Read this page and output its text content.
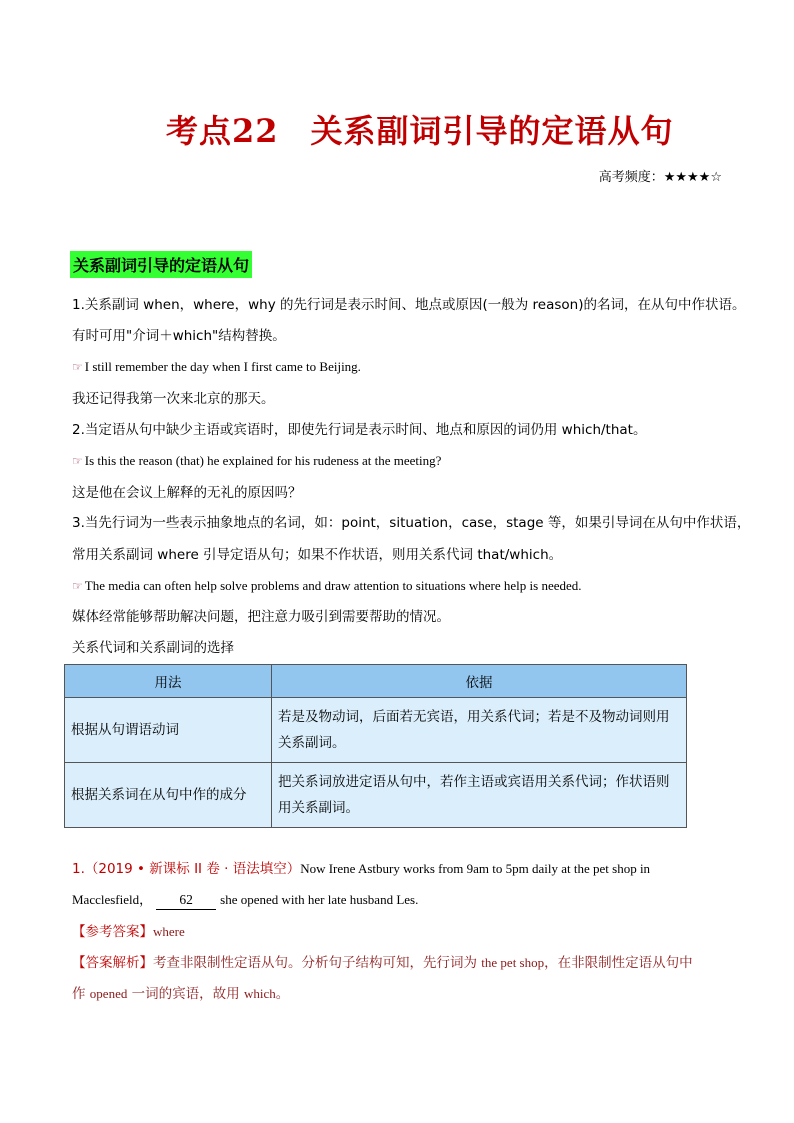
考点22 关系副词引导的定语从句
高考频度：★★★★☆
关系副词引导的定语从句
1.关系副词 when，where，why 的先行词是表示时间、地点或原因(一般为 reason)的名词，在从句中作状语。
有时可用"介词＋which"结构替换。
☞ I still remember the day when I first came to Beijing.
我还记得我第一次来北京的那天。
2.当定语从句中缺少主语或宾语时，即使先行词是表示时间、地点和原因的词仍用 which/that。
☞ Is this the reason (that) he explained for his rudeness at the meeting?
这是他在会议上解释的无礼的原因吗？
3.当先行词为一些表示抽象地点的名词，如：point，situation，case，stage 等，如果引导词在从句中作状语，
常用关系副词 where 引导定语从句；如果不作状语，则用关系代词 that/which。
☞ The media can often help solve problems and draw attention to situations where help is needed.
媒体经常能够帮助解决问题，把注意力吸引到需要帮助的情况。
关系代词和关系副词的选择
用法	依据
根据从句谓语动词	若是及物动词，后面若无宾语，用关系代词；若是不及物动词则用关系副词。
根据关系词在从句中作的成分	把关系词放进定语从句中，若作主语或宾语用关系代词；作状语则用关系副词。
1.（2019 • 新课标 II 卷 · 语法填空）Now Irene Astbury works from 9am to 5pm daily at the pet shop in
Macclesfield， 62 she opened with her late husband Les.
【参考答案】where
【答案解析】考查非限制性定语从句。分析句子结构可知，先行词为 the pet shop，在非限制性定语从句中
作 opened 一词的宾语，故用 which。
